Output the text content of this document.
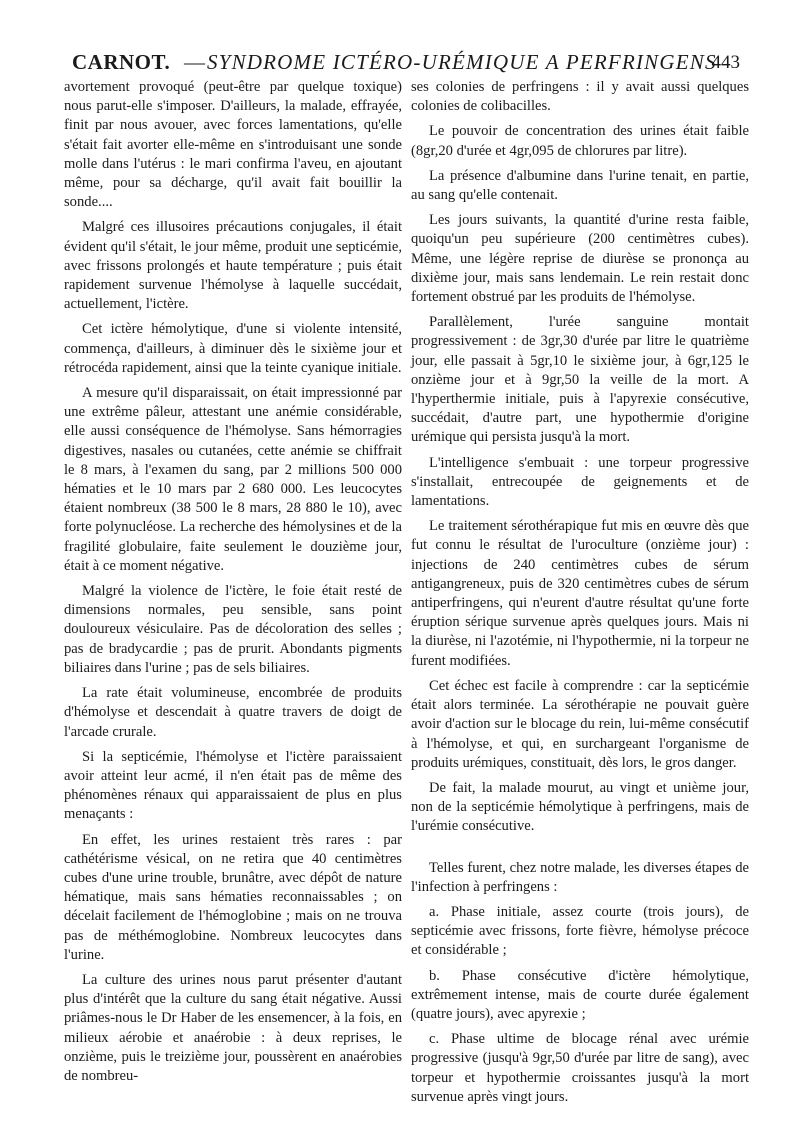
CARNOT. — SYNDROME ICTÉRO-URÉMIQUE A PERFRINGENS
443

avortement provoqué (peut-être par quelque toxique) nous parut-elle s'imposer. D'ailleurs, la malade, effrayée, finit par nous avouer, avec forces lamentations, qu'elle s'était fait avorter elle-même en s'introduisant une sonde molle dans l'utérus : le mari confirma l'aveu, en ajoutant même, pour sa décharge, qu'il avait fait bouillir la sonde....

Malgré ces illusoires précautions conjugales, il était évident qu'il s'était, le jour même, produit une septicémie, avec frissons prolongés et haute température ; puis était rapidement survenue l'hémolyse à laquelle succédait, actuellement, l'ictère.

Cet ictère hémolytique, d'une si violente intensité, commença, d'ailleurs, à diminuer dès le sixième jour et rétrocéda rapidement, ainsi que la teinte cyanique initiale.

A mesure qu'il disparaissait, on était impressionné par une extrême pâleur, attestant une anémie considérable, elle aussi conséquence de l'hémolyse. Sans hémorragies digestives, nasales ou cutanées, cette anémie se chiffrait le 8 mars, à l'examen du sang, par 2 millions 500 000 hématies et le 10 mars par 2 680 000. Les leucocytes étaient nombreux (38 500 le 8 mars, 28 880 le 10), avec forte polynucléose. La recherche des hémolysines et de la fragilité globulaire, faite seulement le douzième jour, était à ce moment négative.

Malgré la violence de l'ictère, le foie était resté de dimensions normales, peu sensible, sans point douloureux vésiculaire. Pas de décoloration des selles ; pas de bradycardie ; pas de prurit. Abondants pigments biliaires dans l'urine ; pas de sels biliaires.

La rate était volumineuse, encombrée de produits d'hémolyse et descendait à quatre travers de doigt de l'arcade crurale.

Si la septicémie, l'hémolyse et l'ictère paraissaient avoir atteint leur acmé, il n'en était pas de même des phénomènes rénaux qui apparaissaient de plus en plus menaçants :

En effet, les urines restaient très rares : par cathétérisme vésical, on ne retira que 40 centimètres cubes d'une urine trouble, brunâtre, avec dépôt de nature hématique, mais sans hématies reconnaissables ; on décelait facilement de l'hémoglobine ; mais on ne trouva pas de méthémoglobine. Nombreux leucocytes dans l'urine.

La culture des urines nous parut présenter d'autant plus d'intérêt que la culture du sang était négative. Aussi priâmes-nous le Dr Haber de les ensemencer, à la fois, en milieux aérobie et anaérobie : à deux reprises, le onzième, puis le treizième jour, poussèrent en anaérobies de nombreu-

ses colonies de perfringens : il y avait aussi quelques colonies de colibacilles.

Le pouvoir de concentration des urines était faible (8gr,20 d'urée et 4gr,095 de chlorures par litre).

La présence d'albumine dans l'urine tenait, en partie, au sang qu'elle contenait.

Les jours suivants, la quantité d'urine resta faible, quoiqu'un peu supérieure (200 centimètres cubes). Même, une légère reprise de diurèse se prononça au dixième jour, mais sans lendemain. Le rein restait donc fortement obstrué par les produits de l'hémolyse.

Parallèlement, l'urée sanguine montait progressivement : de 3gr,30 d'urée par litre le quatrième jour, elle passait à 5gr,10 le sixième jour, à 6gr,125 le onzième jour et à 9gr,50 la veille de la mort. A l'hyperthermie initiale, puis à l'apyrexie consécutive, succédait, d'autre part, une hypothermie d'origine urémique qui persista jusqu'à la mort.

L'intelligence s'embuait : une torpeur progressive s'installait, entrecoupée de geignements et de lamentations.

Le traitement sérothérapique fut mis en œuvre dès que fut connu le résultat de l'uroculture (onzième jour) : injections de 240 centimètres cubes de sérum antigangreneux, puis de 320 centimètres cubes de sérum antiperfringens, qui n'eurent d'autre résultat qu'une forte éruption sérique survenue après quelques jours. Mais ni la diurèse, ni l'azotémie, ni l'hypothermie, ni la torpeur ne furent modifiées.

Cet échec est facile à comprendre : car la septicémie était alors terminée. La sérothérapie ne pouvait guère avoir d'action sur le blocage du rein, lui-même consécutif à l'hémolyse, et qui, en surchargeant l'organisme de produits urémiques, constituait, dès lors, le gros danger.

De fait, la malade mourut, au vingt et unième jour, non de la septicémie hémolytique à perfringens, mais de l'urémie consécutive.

Telles furent, chez notre malade, les diverses étapes de l'infection à perfringens :

a. Phase initiale, assez courte (trois jours), de septicémie avec frissons, forte fièvre, hémolyse précoce et considérable ;

b. Phase consécutive d'ictère hémolytique, extrêmement intense, mais de courte durée également (quatre jours), avec apyrexie ;

c. Phase ultime de blocage rénal avec urémie progressive (jusqu'à 9gr,50 d'urée par litre de sang), avec torpeur et hypothermie croissantes jusqu'à la mort survenue après vingt jours.
